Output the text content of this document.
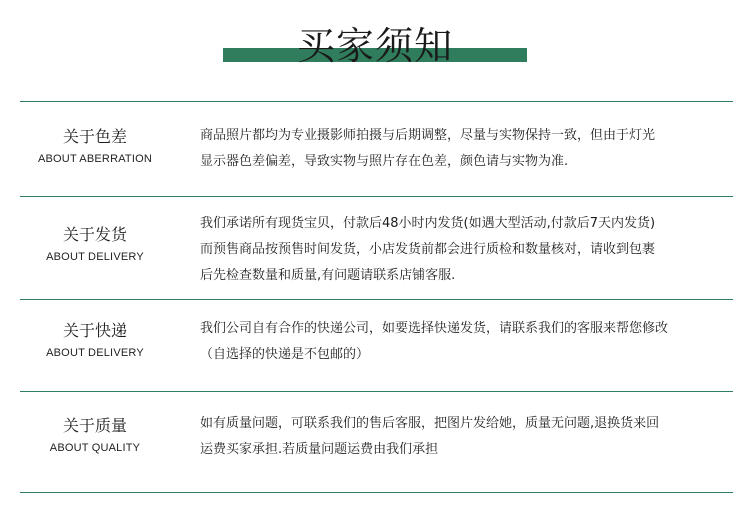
买家须知
关于色差
ABOUT ABERRATION

商品照片都均为专业摄影师拍摄与后期调整，尽量与实物保持一致，但由于灯光

显示器色差偏差，导致实物与照片存在色差，颜色请与实物为准.

关于发货
ABOUT DELIVERY

我们承诺所有现货宝贝，付款后48小时内发货(如遇大型活动,付款后7天内发货)

而预售商品按预售时间发货，小店发货前都会进行质检和数量核对，请收到包裹

后先检查数量和质量,有问题请联系店铺客服.

关于快递
ABOUT DELIVERY

我们公司自有合作的快递公司，如要选择快递发货，请联系我们的客服来帮您修改

（自选择的快递是不包邮的）

关于质量
ABOUT QUALITY

如有质量问题，可联系我们的售后客服，把图片发给她，质量无问题,退换货来回

运费买家承担.若质量问题运费由我们承担
